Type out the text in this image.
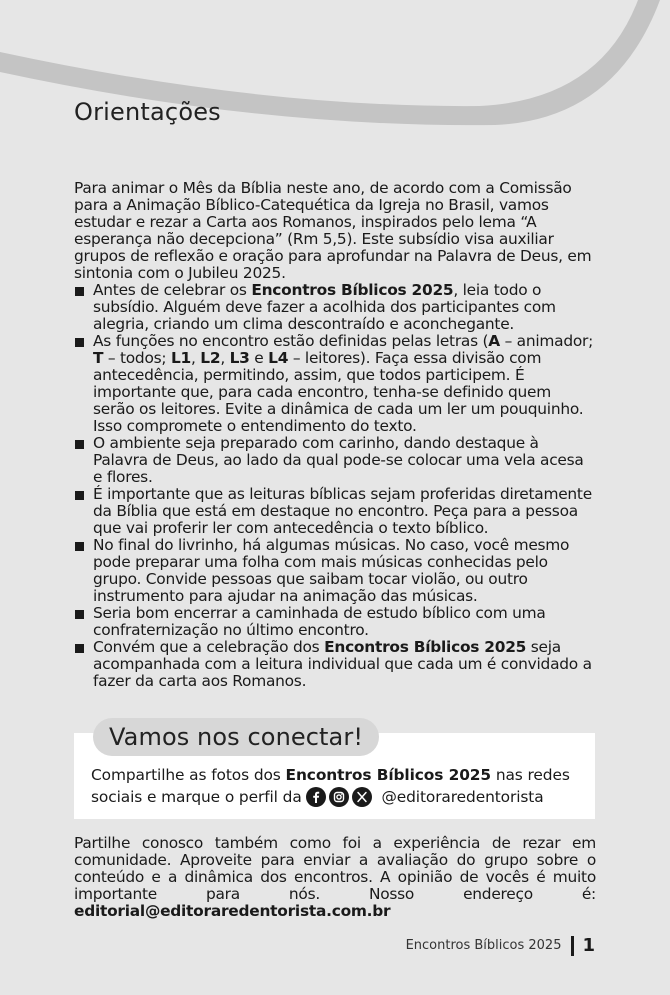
Orientações

Para animar o Mês da Bíblia neste ano, de acordo com a Comissão para a Animação Bíblico-Catequética da Igreja no Brasil, vamos estudar e rezar a Carta aos Romanos, inspirados pelo lema “A esperança não decepciona” (Rm 5,5). Este subsídio visa auxiliar grupos de reflexão e oração para aprofundar na Palavra de Deus, em sintonia com o Jubileu 2025.

Antes de celebrar os Encontros Bíblicos 2025, leia todo o subsídio. Alguém deve fazer a acolhida dos participantes com alegria, criando um clima descontraído e aconchegante.
As funções no encontro estão definidas pelas letras (A – animador; T – todos; L1, L2, L3 e L4 – leitores). Faça essa divisão com antecedência, permitindo, assim, que todos participem. É importante que, para cada encontro, tenha-se definido quem serão os leitores. Evite a dinâmica de cada um ler um pouquinho. Isso compromete o entendimento do texto.
O ambiente seja preparado com carinho, dando destaque à Palavra de Deus, ao lado da qual pode-se colocar uma vela acesa e flores.
É importante que as leituras bíblicas sejam proferidas diretamente da Bíblia que está em destaque no encontro. Peça para a pessoa que vai proferir ler com antecedência o texto bíblico.
No final do livrinho, há algumas músicas. No caso, você mesmo pode preparar uma folha com mais músicas conhecidas pelo grupo. Convide pessoas que saibam tocar violão, ou outro instrumento para ajudar na animação das músicas.
Seria bom encerrar a caminhada de estudo bíblico com uma confraternização no último encontro.
Convém que a celebração dos Encontros Bíblicos 2025 seja acompanhada com a leitura individual que cada um é convidado a fazer da carta aos Romanos.
Vamos nos conectar!
Compartilhe as fotos dos Encontros Bíblicos 2025 nas redes
sociais e marque o perfil da
	@editoraredentorista

Partilhe conosco também como foi a experiência de rezar em comunidade. Aproveite para enviar a avaliação do grupo sobre o conteúdo e a dinâmica dos encontros. A opinião de vocês é muito importante para nós. Nosso endereço é: editorial@editoraredentorista.com.br

Encontros Bíblicos 2025 1
